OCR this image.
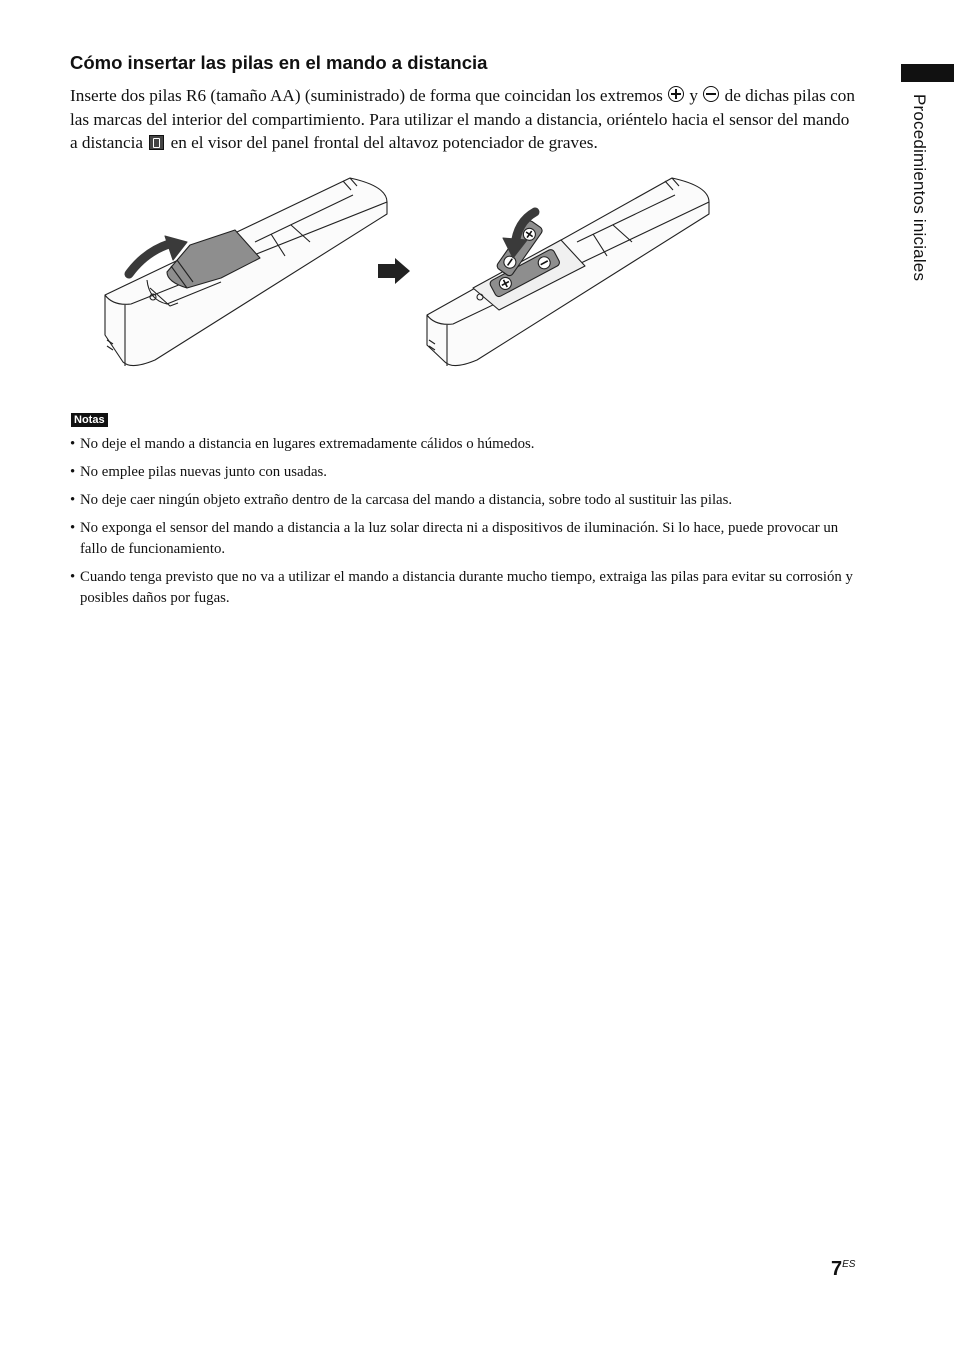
Procedimientos iniciales
Cómo insertar las pilas en el mando a distancia

Inserte dos pilas R6 (tamaño AA) (suministrado) de forma que coincidan los extremos  y  de dichas pilas con las marcas del interior del compartimiento. Para utilizar el mando a distancia, oriéntelo hacia el sensor del mando a distancia  en el visor del panel frontal del altavoz potenciador de graves.

Notas
• No deje el mando a distancia en lugares extremadamente cálidos o húmedos.
• No emplee pilas nuevas junto con usadas.
• No deje caer ningún objeto extraño dentro de la carcasa del mando a distancia, sobre todo al sustituir las pilas.
• No exponga el sensor del mando a distancia a la luz solar directa ni a dispositivos de iluminación. Si lo hace, puede provocar un fallo de funcionamiento.
• Cuando tenga previsto que no va a utilizar el mando a distancia durante mucho tiempo, extraiga las pilas para evitar su corrosión y posibles daños por fugas.
$7^{ES}$
